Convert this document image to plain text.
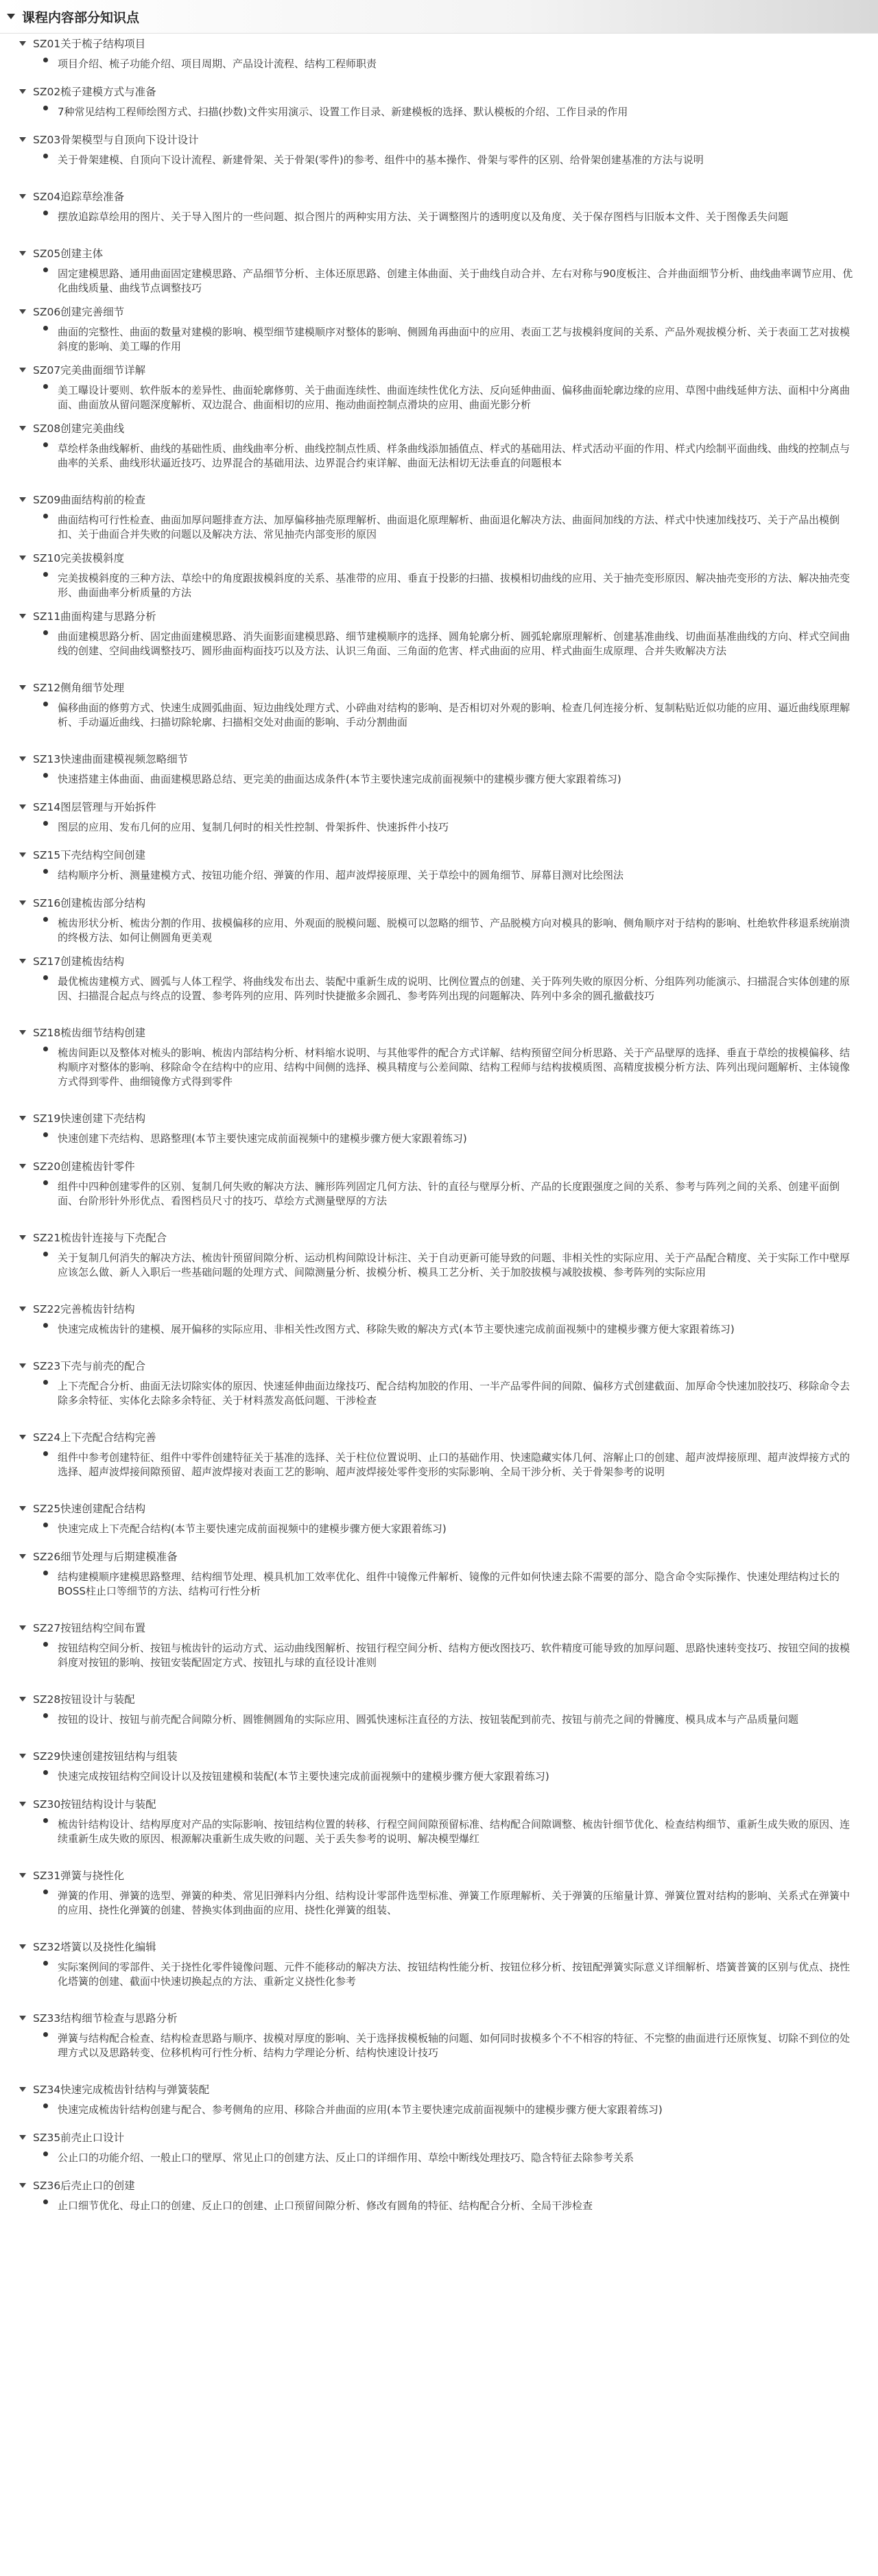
课程内容部分知识点
SZ01关于梳子结构项目
项目介绍、梳子功能介绍、项目周期、产品设计流程、结构工程师职责
SZ02梳子建模方式与准备
7种常见结构工程师绘图方式、扫描(抄数)文件实用演示、设置工作目录、新建模板的选择、默认模板的介绍、工作目录的作用
SZ03骨架模型与自顶向下设计设计
关于骨架建模、自顶向下设计流程、新建骨架、关于骨架(零件)的参考、组件中的基本操作、骨架与零件的区别、给骨架创建基准的方法与说明
SZ04追踪草绘准备
摆放追踪草绘用的图片、关于导入图片的一些问题、拟合图片的两种实用方法、关于调整图片的透明度以及角度、关于保存图档与旧版本文件、关于图像丢失问题
SZ05创建主体
固定建模思路、通用曲面固定建模思路、产品细节分析、主体还原思路、创建主体曲面、关于曲线自动合并、左右对称与90度板注、合并曲面细节分析、曲线曲率调节应用、优化曲线质量、曲线节点调整技巧
SZ06创建完善细节
曲面的完整性、曲面的数量对建模的影响、模型细节建模顺序对整体的影响、侧圆角再曲面中的应用、表面工艺与拔模斜度间的关系、产品外观拔模分析、关于表面工艺对拔模斜度的影响、美工曝的作用
SZ07完美曲面细节详解
美工曝设计要则、软件版本的差异性、曲面轮廓修剪、关于曲面连续性、曲面连续性优化方法、反向延伸曲面、偏移曲面轮廓边缘的应用、草图中曲线延伸方法、面相中分离曲面、曲面放从留问题深度解析、双边混合、曲面相切的应用、拖动曲面控制点滑块的应用、曲面光影分析
SZ08创建完美曲线
草绘样条曲线解析、曲线的基础性质、曲线曲率分析、曲线控制点性质、样条曲线添加插值点、样式的基础用法、样式活动平面的作用、样式内绘制平面曲线、曲线的控制点与曲率的关系、曲线形状逼近技巧、边界混合的基础用法、边界混合约束详解、曲面无法相切无法垂直的问题根本
SZ09曲面结构前的检查
曲面结构可行性检查、曲面加厚问题排查方法、加厚偏移抽壳原理解析、曲面退化原理解析、曲面退化解决方法、曲面间加线的方法、样式中快速加线技巧、关于产品出模倒扣、关于曲面合并失败的问题以及解决方法、常见抽壳内部变形的原因
SZ10完美拔模斜度
完美拔模斜度的三种方法、草绘中的角度跟拔模斜度的关系、基准带的应用、垂直于投影的扫描、拔模相切曲线的应用、关于抽壳变形原因、解决抽壳变形的方法、解决抽壳变形、曲面曲率分析质量的方法
SZ11曲面构建与思路分析
曲面建模思路分析、固定曲面建模思路、消失面影面建模思路、细节建模顺序的选择、圆角轮廓分析、圆弧轮廓原理解析、创建基准曲线、切曲面基准曲线的方向、样式空间曲线的创建、空间曲线调整技巧、圆形曲面构面技巧以及方法、认识三角面、三角面的危害、样式曲面的应用、样式曲面生成原理、合并失败解决方法
SZ12侧角细节处理
偏移曲面的修剪方式、快速生成圆弧曲面、短边曲线处理方式、小碎曲对结构的影响、是否相切对外观的影响、检查几何连接分析、复制粘贴近似功能的应用、逼近曲线原理解析、手动逼近曲线、扫描切除轮廓、扫描相交处对曲面的影响、手动分割曲面
SZ13快速曲面建模视频忽略细节
快速搭建主体曲面、曲面建模思路总结、更完美的曲面达成条件(本节主要快速完成前面视频中的建模步骤方便大家跟着练习)
SZ14图层管理与开始拆件
图层的应用、发布几何的应用、复制几何时的相关性控制、骨架拆件、快速拆件小技巧
SZ15下壳结构空间创建
结构顺序分析、测量建模方式、按钮功能介绍、弹簧的作用、超声波焊接原理、关于草绘中的圆角细节、屏幕目测对比绘图法
SZ16创建梳齿部分结构
梳齿形状分析、梳齿分割的作用、拔模偏移的应用、外观面的脱模问题、脱模可以忽略的细节、产品脱模方向对模具的影响、侧角顺序对于结构的影响、杜绝软件移退系统崩溃的终极方法、如何让侧圆角更美观
SZ17创建梳齿结构
最优梳齿建模方式、圆弧与人体工程学、将曲线发布出去、装配中重新生成的说明、比例位置点的创建、关于阵列失败的原因分析、分组阵列功能演示、扫描混合实体创建的原因、扫描混合起点与终点的设置、参考阵列的应用、阵列时快捷撤多余圆孔、参考阵列出现的问题解决、阵列中多余的圆孔撤截技巧
SZ18梳齿细节结构创建
梳齿间距以及整体对梳头的影响、梳齿内部结构分析、材料缩水说明、与其他零件的配合方式详解、结构预留空间分析思路、关于产品壁厚的选择、垂直于草绘的拔模偏移、结构顺序对整体的影响、移除命令在结构中的应用、结构中间侧的选择、模具精度与公差间隙、结构工程师与结构拔模质图、高精度拔模分析方法、阵列出现问题解析、主体镜像方式得到零件、曲细镜像方式得到零件
SZ19快速创建下壳结构
快速创建下壳结构、思路整理(本节主要快速完成前面视频中的建模步骤方便大家跟着练习)
SZ20创建梳齿针零件
组件中四种创建零件的区别、复制几何失败的解决方法、臃形阵列固定几何方法、针的直径与壁厚分析、产品的长度跟强度之间的关系、参考与阵列之间的关系、创建平面倒面、台阶形针外形优点、看图档员尺寸的技巧、草绘方式测量壁厚的方法
SZ21梳齿针连接与下壳配合
关于复制几何消失的解决方法、梳齿针预留间隙分析、运动机构间隙设计标注、关于自动更新可能导致的问题、非相关性的实际应用、关于产品配合精度、关于实际工作中壁厚应该怎么做、新人入职后一些基础问题的处理方式、间隙测量分析、拔模分析、模具工艺分析、关于加胶拔模与减胶拔模、参考阵列的实际应用
SZ22完善梳齿针结构
快速完成梳齿针的建模、展开偏移的实际应用、非相关性改图方式、移除失败的解决方式(本节主要快速完成前面视频中的建模步骤方便大家跟着练习)
SZ23下壳与前壳的配合
上下壳配合分析、曲面无法切除实体的原因、快速延伸曲面边缘技巧、配合结构加胶的作用、一半产品零件间的间隙、偏移方式创建截面、加厚命令快速加胶技巧、移除命令去除多余特征、实体化去除多余特征、关于材料蒸发高低问题、干涉检查
SZ24上下壳配合结构完善
组件中参考创建特征、组件中零件创建特征关于基准的选择、关于柱位位置说明、止口的基础作用、快速隐藏实体几何、溶解止口的创建、超声波焊接原理、超声波焊接方式的选择、超声波焊接间隙预留、超声波焊接对表面工艺的影响、超声波焊接处零件变形的实际影响、全局干涉分析、关于骨架参考的说明
SZ25快速创建配合结构
快速完成上下壳配合结构(本节主要快速完成前面视频中的建模步骤方便大家跟着练习)
SZ26细节处理与后期建模准备
结构建模顺序建模思路整理、结构细节处理、模具机加工效率优化、组件中镜像元件解析、镜像的元件如何快速去除不需要的部分、隐含命令实际操作、快速处理结构过长的BOSS柱止口等细节的方法、结构可行性分析
SZ27按钮结构空间布置
按钮结构空间分析、按钮与梳齿针的运动方式、运动曲线图解析、按钮行程空间分析、结构方便改图技巧、软件精度可能导致的加厚问题、思路快速转变技巧、按钮空间的拔模斜度对按钮的影响、按钮安装配固定方式、按钮扎与球的直径设计准则
SZ28按钮设计与装配
按钮的设计、按钮与前壳配合间隙分析、圆锥侧圆角的实际应用、圆弧快速标注直径的方法、按钮装配到前壳、按钮与前壳之间的骨臃度、模具成本与产品质量问题
SZ29快速创建按钮结构与组装
快速完成按钮结构空间设计以及按钮建模和装配(本节主要快速完成前面视频中的建模步骤方便大家跟着练习)
SZ30按钮结构设计与装配
梳齿针结构设计、结构厚度对产品的实际影响、按钮结构位置的转移、行程空间间隙预留标准、结构配合间隙调整、梳齿针细节优化、检查结构细节、重新生成失败的原因、连续重新生成失败的原因、根源解决重新生成失败的问题、关于丢失参考的说明、解决模型爆红
SZ31弹簧与挠性化
弹簧的作用、弹簧的选型、弹簧的种类、常见旧弹料内分组、结构设计零部件选型标准、弹簧工作原理解析、关于弹簧的压缩量计算、弹簧位置对结构的影响、关系式在弹簧中的应用、挠性化弹簧的创建、替换实体到曲面的应用、挠性化弹簧的组装、
SZ32塔簧以及挠性化编辑
实际案例间的零部件、关于挠性化零件镜像问题、元件不能移动的解决方法、按钮结构性能分析、按钮位移分析、按钮配弹簧实际意义详细解析、塔簧普簧的区别与优点、挠性化塔簧的创建、截面中快速切换起点的方法、重新定义挠性化参考
SZ33结构细节检查与思路分析
弹簧与结构配合检查、结构检查思路与顺序、拔模对厚度的影响、关于选择拔模板轴的问题、如何同时拔模多个不不相容的特征、不完整的曲面进行还原恢复、切除不到位的处理方式以及思路转变、位移机构可行性分析、结构力学理论分析、结构快速设计技巧
SZ34快速完成梳齿针结构与弹簧装配
快速完成梳齿针结构创建与配合、参考侧角的应用、移除合并曲面的应用(本节主要快速完成前面视频中的建模步骤方便大家跟着练习)
SZ35前壳止口设计
公止口的功能介绍、一般止口的壁厚、常见止口的创建方法、反止口的详细作用、草绘中断线处理技巧、隐含特征去除参考关系
SZ36后壳止口的创建
止口细节优化、母止口的创建、反止口的创建、止口预留间隙分析、修改有圆角的特征、结构配合分析、全局干涉检查
